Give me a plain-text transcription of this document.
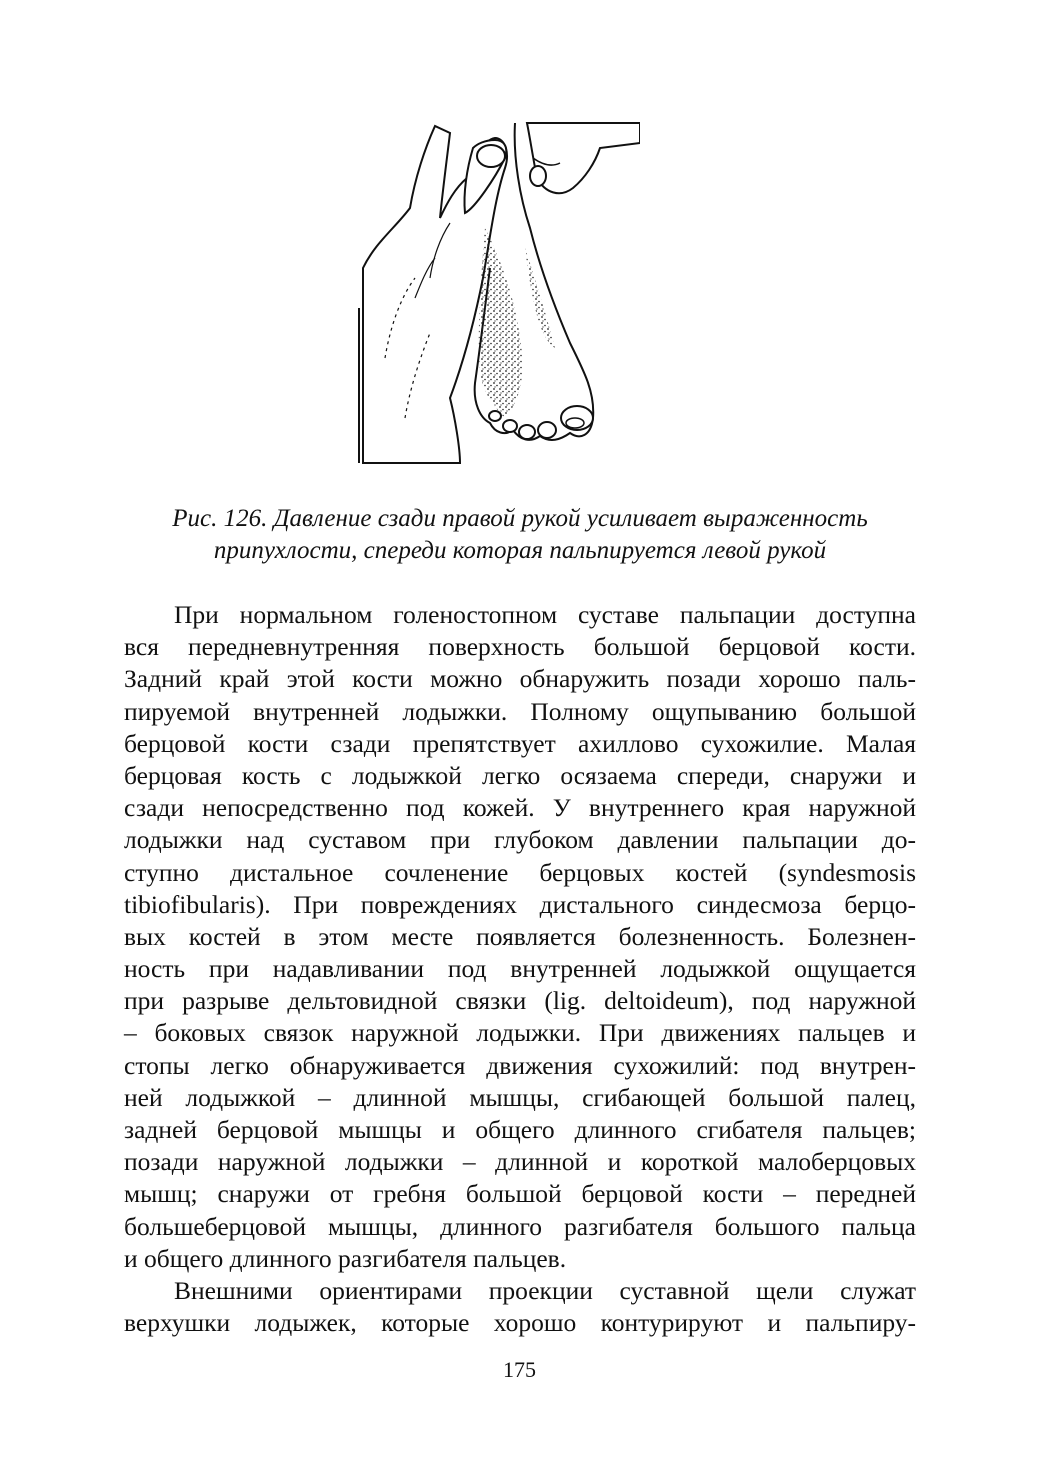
Рис. 126. Давление сзади правой рукой усиливает выраженность
припухлости, спереди которая пальпируется левой рукой

При нормальном голеностопном суставе пальпации доступна
вся передневнутренняя поверхность большой берцовой кости.
Задний край этой кости можно обнаружить позади хорошо паль-
пируемой внутренней лодыжки. Полному ощупыванию большой
берцовой кости сзади препятствует ахиллово сухожилие. Малая
берцовая кость с лодыжкой легко осязаема спереди, снаружи и
сзади непосредственно под кожей. У внутреннего края наружной
лодыжки над суставом при глубоком давлении пальпации до-
ступно дистальное сочленение берцовых костей (syndesmosis
tibiofibularis). При повреждениях дистального синдесмоза берцо-
вых костей в этом месте появляется болезненность. Болезнен-
ность при надавливании под внутренней лодыжкой ощущается
при разрыве дельтовидной связки (lig. deltoideum), под наружной
– боковых связок наружной лодыжки. При движениях пальцев и
стопы легко обнаруживается движения сухожилий: под внутрен-
ней лодыжкой – длинной мышцы, сгибающей большой палец,
задней берцовой мышцы и общего длинного сгибателя пальцев;
позади наружной лодыжки – длинной и короткой малоберцовых
мышц; снаружи от гребня большой берцовой кости – передней
большеберцовой мышцы, длинного разгибателя большого пальца
и общего длинного разгибателя пальцев.

Внешними ориентирами проекции суставной щели служат
верхушки лодыжек, которые хорошо контурируют и пальпиру-

175
